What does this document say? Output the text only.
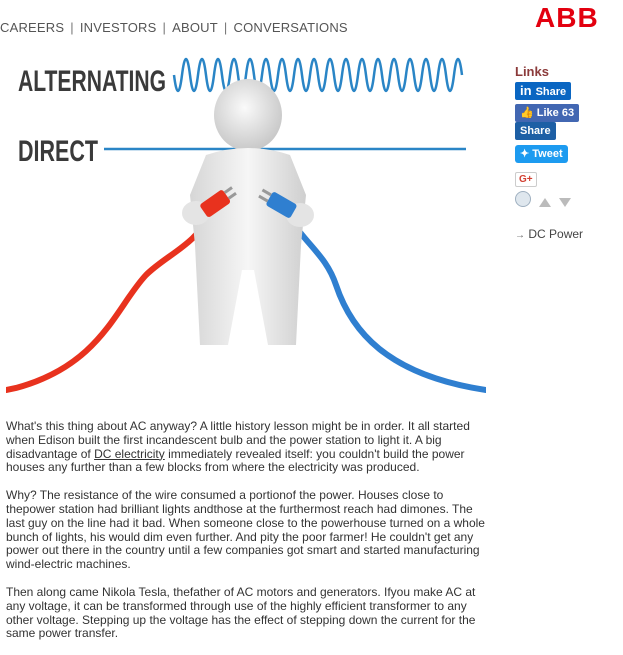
CAREERS | INVESTORS | ABOUT | CONVERSATIONS	ABB
ALTERNATING
DIRECT

What's this thing about AC anyway? A little history lesson might be in order. It all started when Edison built the first incandescent bulb and the power station to light it. A big disadvantage of DC electricity immediately revealed itself: you couldn't build the power houses any further than a few blocks from where the electricity was produced.

Why? The resistance of the wire consumed a portionof the power. Houses close to thepower station had brilliant lights andthose at the furthermost reach had dimones. The last guy on the line had it bad. When someone close to the powerhouse turned on a whole bunch of lights, his would dim even further. And pity the poor farmer! He couldn't get any power out there in the country until a few companies got smart and started manufacturing wind-electric machines.

Then along came Nikola Tesla, thefather of AC motors and generators. Ifyou make AC at any voltage, it can be transformed through use of the highly efficient transformer to any other voltage. Stepping up the voltage has the effect of stepping down the current for the same power transfer.

Links
in Share
👍 Like 63 Share
✦ Tweet
G+

→ DC Power
